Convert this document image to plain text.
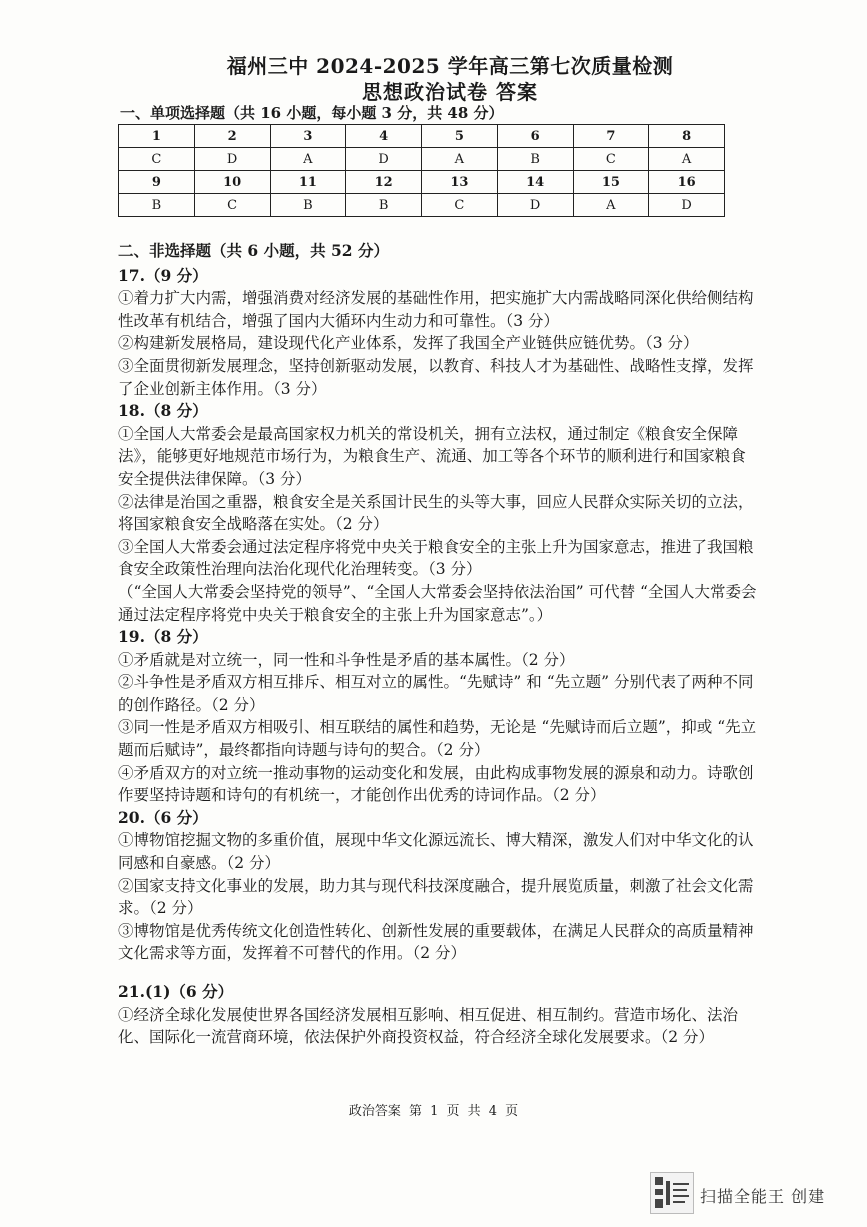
福州三中 2024-2025 学年高三第七次质量检测
思想政治试卷 答案
一、单项选择题（共 16 小题，每小题 3 分，共 48 分）
1	2	3	4	5	6	7	8
C	D	A	D	A	B	C	A
9	10	11	12	13	14	15	16
B	C	B	B	C	D	A	D

二、非选择题（共 6 小题，共 52 分）

17.（9 分）

①着力扩大内需，增强消费对经济发展的基础性作用，把实施扩大内需战略同深化供给侧结构性改革有机结合，增强了国内大循环内生动力和可靠性。（3 分）

②构建新发展格局，建设现代化产业体系，发挥了我国全产业链供应链优势。（3 分）

③全面贯彻新发展理念，坚持创新驱动发展，以教育、科技人才为基础性、战略性支撑，发挥了企业创新主体作用。（3 分）

18.（8 分）

①全国人大常委会是最高国家权力机关的常设机关，拥有立法权，通过制定《粮食安全保障法》，能够更好地规范市场行为，为粮食生产、流通、加工等各个环节的顺利进行和国家粮食安全提供法律保障。（3 分）

②法律是治国之重器，粮食安全是关系国计民生的头等大事，回应人民群众实际关切的立法，将国家粮食安全战略落在实处。（2 分）

③全国人大常委会通过法定程序将党中央关于粮食安全的主张上升为国家意志，推进了我国粮食安全政策性治理向法治化现代化治理转变。（3 分）

（“全国人大常委会坚持党的领导”、“全国人大常委会坚持依法治国” 可代替 “全国人大常委会通过法定程序将党中央关于粮食安全的主张上升为国家意志”。）

19.（8 分）

①矛盾就是对立统一，同一性和斗争性是矛盾的基本属性。（2 分）

②斗争性是矛盾双方相互排斥、相互对立的属性。“先赋诗” 和 “先立题” 分别代表了两种不同的创作路径。（2 分）

③同一性是矛盾双方相吸引、相互联结的属性和趋势，无论是 “先赋诗而后立题”，抑或 “先立题而后赋诗”，最终都指向诗题与诗句的契合。（2 分）

④矛盾双方的对立统一推动事物的运动变化和发展，由此构成事物发展的源泉和动力。诗歌创作要坚持诗题和诗句的有机统一，才能创作出优秀的诗词作品。（2 分）

20.（6 分）

①博物馆挖掘文物的多重价值，展现中华文化源远流长、博大精深，激发人们对中华文化的认同感和自豪感。（2 分）

②国家支持文化事业的发展，助力其与现代科技深度融合，提升展览质量，刺激了社会文化需求。（2 分）

③博物馆是优秀传统文化创造性转化、创新性发展的重要载体，在满足人民群众的高质量精神文化需求等方面，发挥着不可替代的作用。（2 分）

21.(1)（6 分）

①经济全球化发展使世界各国经济发展相互影响、相互促进、相互制约。营造市场化、法治化、国际化一流营商环境，依法保护外商投资权益，符合经济全球化发展要求。（2 分）

政治答案 第 1 页 共 4 页
扫描全能王 创建
